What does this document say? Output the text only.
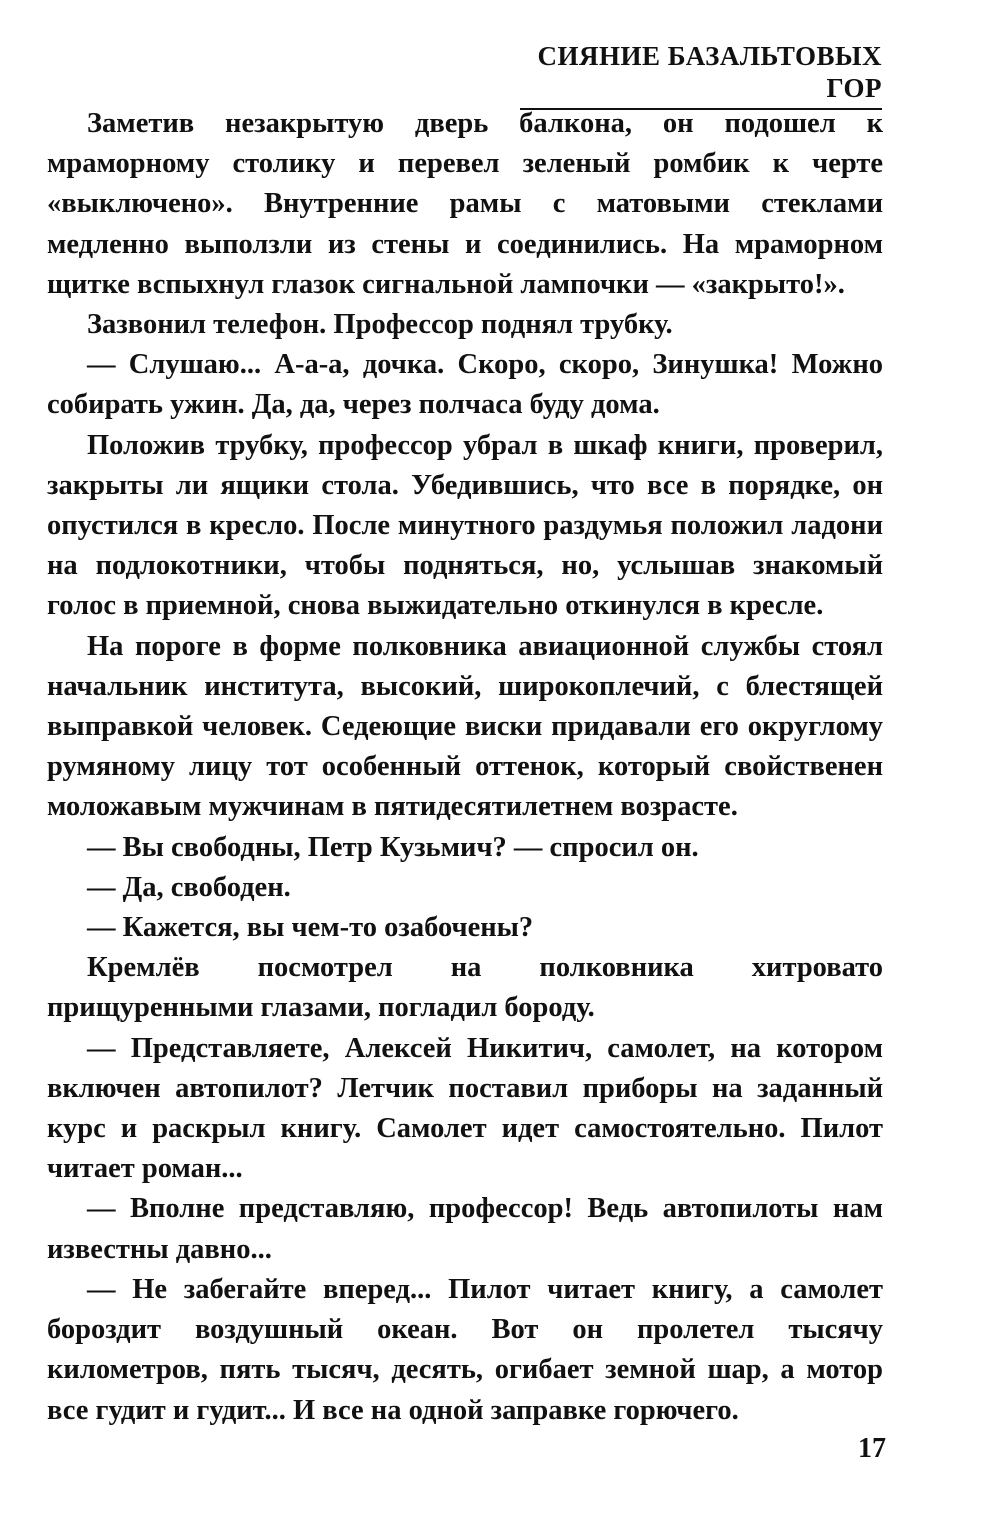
СИЯНИЕ БАЗАЛЬТОВЫХ ГОР

Заметив незакрытую дверь балкона, он подошел к мраморному столику и перевел зеленый ромбик к черте «выключено». Внутренние рамы с матовыми стеклами медленно выползли из стены и соединились. На мраморном щитке вспыхнул глазок сигнальной лампочки — «закрыто!».

Зазвонил телефон. Профессор поднял трубку.

— Слушаю... А-а-а, дочка. Скоро, скоро, Зинушка! Можно собирать ужин. Да, да, через полчаса буду дома.

Положив трубку, профессор убрал в шкаф книги, проверил, закрыты ли ящики стола. Убедившись, что все в порядке, он опустился в кресло. После минутного раздумья положил ладони на подлокотники, чтобы подняться, но, услышав знакомый голос в приемной, снова выжидательно откинулся в кресле.

На пороге в форме полковника авиационной службы стоял начальник института, высокий, широкоплечий, с блестящей выправкой человек. Седеющие виски придавали его округлому румяному лицу тот особенный оттенок, который свойственен моложавым мужчинам в пятидесятилетнем возрасте.

— Вы свободны, Петр Кузьмич? — спросил он.

— Да, свободен.

— Кажется, вы чем-то озабочены?

Кремлёв посмотрел на полковника хитровато прищуренными глазами, погладил бороду.

— Представляете, Алексей Никитич, самолет, на котором включен автопилот? Летчик поставил приборы на заданный курс и раскрыл книгу. Самолет идет самостоятельно. Пилот читает роман...

— Вполне представляю, профессор! Ведь автопилоты нам известны давно...

— Не забегайте вперед... Пилот читает книгу, а самолет бороздит воздушный океан. Вот он пролетел тысячу километров, пять тысяч, десять, огибает земной шар, а мотор все гудит и гудит... И все на одной заправке горючего.

17
